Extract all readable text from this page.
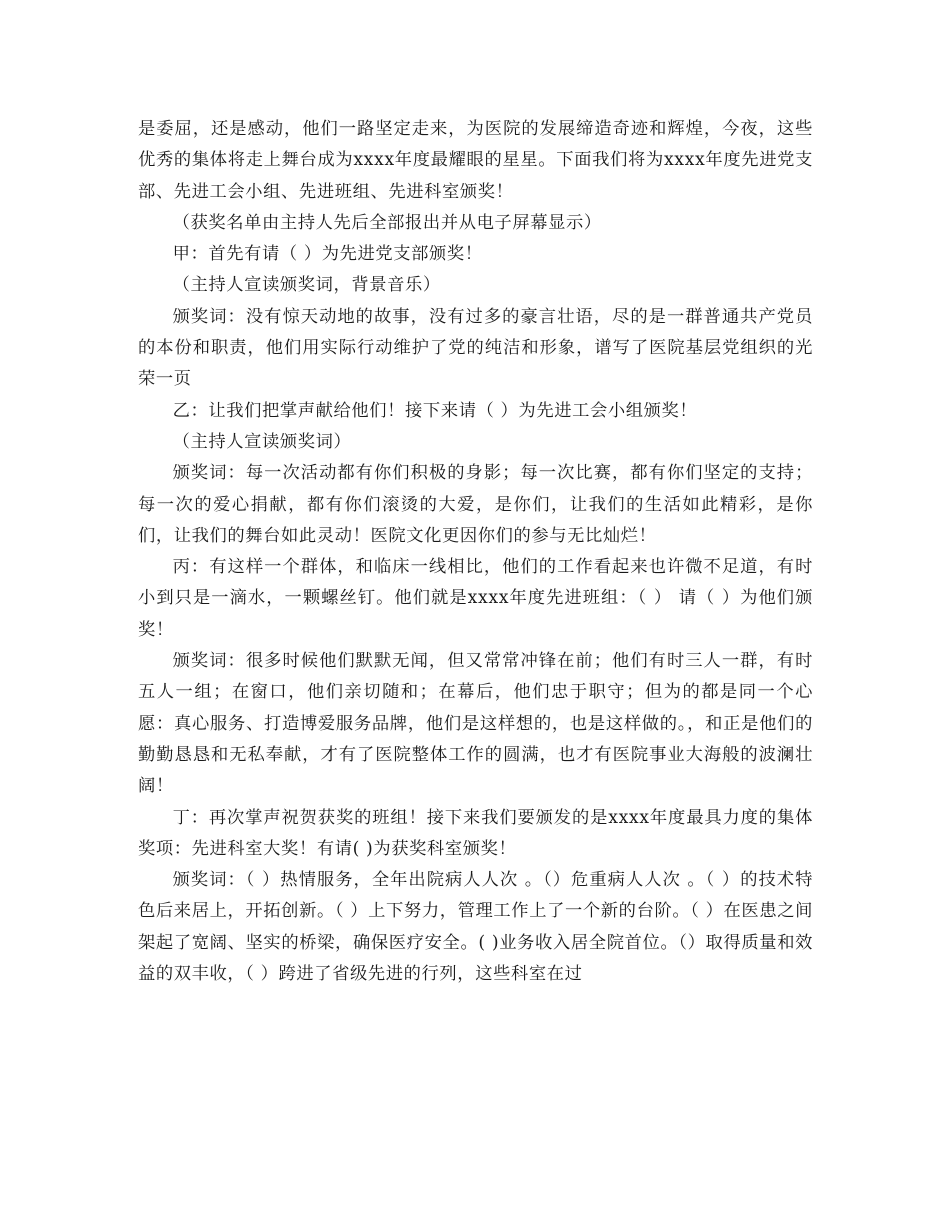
是委屈，还是感动，他们一路坚定走来，为医院的发展缔造奇迹和辉煌，今夜，这些优秀的集体将走上舞台成为xxxx年度最耀眼的星星。下面我们将为xxxx年度先进党支部、先进工会小组、先进班组、先进科室颁奖！

（获奖名单由主持人先后全部报出并从电子屏幕显示）

甲：首先有请（ ）为先进党支部颁奖！

（主持人宣读颁奖词，背景音乐）

颁奖词：没有惊天动地的故事，没有过多的豪言壮语，尽的是一群普通共产党员的本份和职责，他们用实际行动维护了党的纯洁和形象，谱写了医院基层党组织的光荣一页

乙：让我们把掌声献给他们！接下来请（ ）为先进工会小组颁奖！

（主持人宣读颁奖词）

颁奖词：每一次活动都有你们积极的身影；每一次比赛，都有你们坚定的支持；每一次的爱心捐献，都有你们滚烫的大爱，是你们，让我们的生活如此精彩，是你们，让我们的舞台如此灵动！医院文化更因你们的参与无比灿烂！

丙：有这样一个群体，和临床一线相比，他们的工作看起来也许微不足道，有时小到只是一滴水，一颗螺丝钉。他们就是xxxx年度先进班组：（ ） 请（ ）为他们颁奖！

颁奖词：很多时候他们默默无闻，但又常常冲锋在前；他们有时三人一群，有时五人一组；在窗口，他们亲切随和；在幕后，他们忠于职守；但为的都是同一个心愿：真心服务、打造博爱服务品牌，他们是这样想的，也是这样做的。，和正是他们的勤勤恳恳和无私奉献，才有了医院整体工作的圆满，也才有医院事业大海般的波澜壮阔！

丁：再次掌声祝贺获奖的班组！接下来我们要颁发的是xxxx年度最具力度的集体奖项：先进科室大奖！有请( )为获奖科室颁奖！

颁奖词：（ ）热情服务，全年出院病人人次 。（）危重病人人次 。（ ）的技术特色后来居上，开拓创新。（ ）上下努力，管理工作上了一个新的台阶。（ ）在医患之间架起了宽阔、坚实的桥梁，确保医疗安全。( )业务收入居全院首位。（）取得质量和效益的双丰收，（ ）跨进了省级先进的行列，这些科室在过
